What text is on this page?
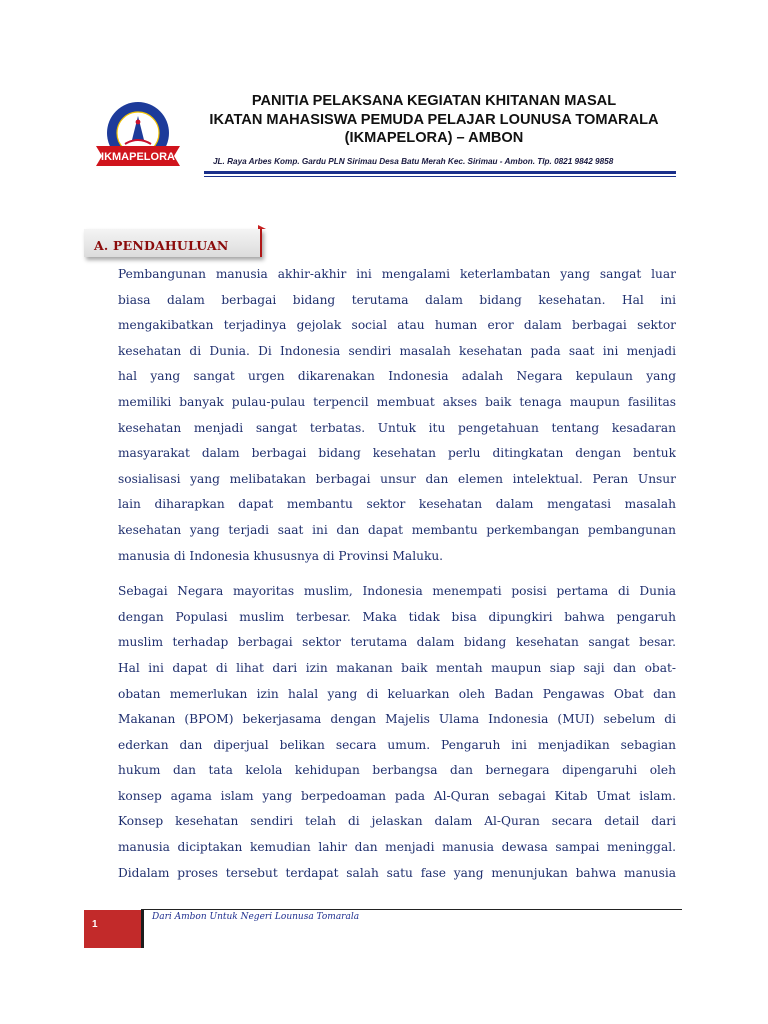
IKMAPELORA
PANITIA PELAKSANA KEGIATAN KHITANAN MASAL
IKATAN MAHASISWA PEMUDA PELAJAR LOUNUSA TOMARALA
(IKMAPELORA) – AMBON
JL. Raya Arbes Komp. Gardu PLN Sirimau Desa Batu Merah Kec. Sirimau - Ambon. Tlp. 0821 9842 9858
A. PENDAHULUAN
Pembangunan manusia akhir-akhir ini mengalami keterlambatan yang sangat luar
biasa dalam berbagai bidang terutama dalam bidang kesehatan. Hal ini
mengakibatkan terjadinya gejolak social atau human eror dalam berbagai sektor
kesehatan di Dunia. Di Indonesia sendiri masalah kesehatan pada saat ini menjadi
hal yang sangat urgen dikarenakan Indonesia adalah Negara kepulaun yang
memiliki banyak pulau-pulau terpencil membuat akses baik tenaga maupun fasilitas
kesehatan menjadi sangat terbatas. Untuk itu pengetahuan tentang kesadaran
masyarakat dalam berbagai bidang kesehatan perlu ditingkatan dengan bentuk
sosialisasi yang melibatakan berbagai unsur dan elemen intelektual. Peran Unsur
lain diharapkan dapat membantu sektor kesehatan dalam mengatasi masalah
kesehatan yang terjadi saat ini dan dapat membantu perkembangan pembangunan
manusia di Indonesia khususnya di Provinsi Maluku.
Sebagai Negara mayoritas muslim, Indonesia menempati posisi pertama di Dunia
dengan Populasi muslim terbesar. Maka tidak bisa dipungkiri bahwa pengaruh
muslim terhadap berbagai sektor terutama dalam bidang kesehatan sangat besar.
Hal ini dapat di lihat dari izin makanan baik mentah maupun siap saji dan obat-
obatan memerlukan izin halal yang di keluarkan oleh Badan Pengawas Obat dan
Makanan (BPOM) bekerjasama dengan Majelis Ulama Indonesia (MUI) sebelum di
ederkan dan diperjual belikan secara umum. Pengaruh ini menjadikan sebagian
hukum dan tata kelola kehidupan berbangsa dan bernegara dipengaruhi oleh
konsep agama islam yang berpedoaman pada Al-Quran sebagai Kitab Umat islam.
Konsep kesehatan sendiri telah di jelaskan dalam Al-Quran secara detail dari
manusia diciptakan kemudian lahir dan menjadi manusia dewasa sampai meninggal.
Didalam proses tersebut terdapat salah satu fase yang menunjukan bahwa manusia
1
Dari Ambon Untuk Negeri Lounusa Tomarala
